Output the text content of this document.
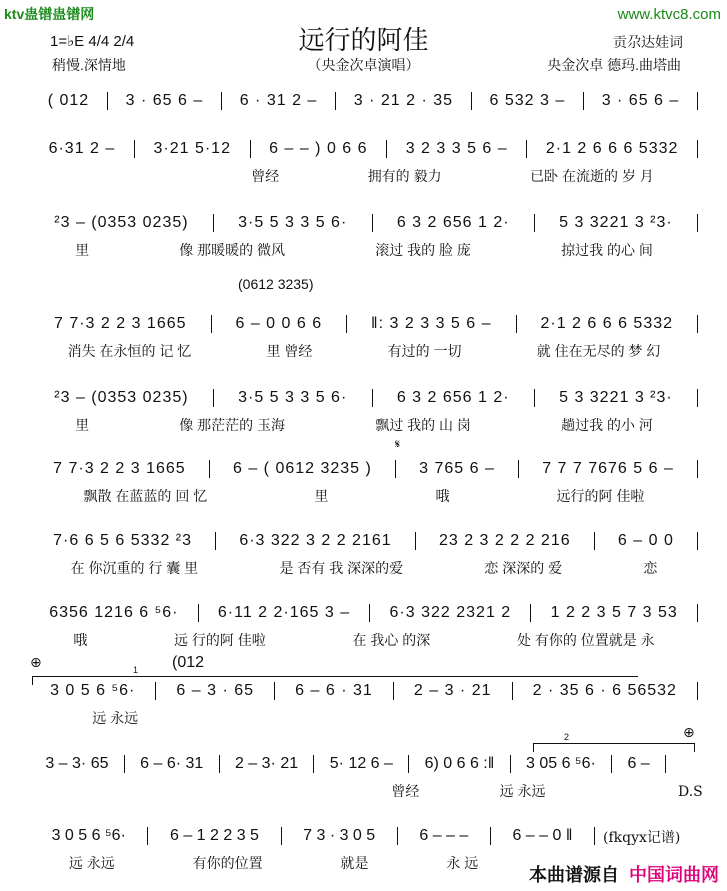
ktv蛊镨蛊镨网	www.ktvc8.com
远行的阿佳
1=♭E 4/4 2/4
稍慢.深情地	（央金次卓演唱）
贡尕达娃词
央金次卓 德玛.曲塔曲
( 012	3 · 65 6 –	6 · 31 2 –	3 · 21 2 · 35	6 532 3 –	3 · 65 6 –
6·31 2 –	3·21 5·12	6 – – ) 0 6 6	3 2 3 3 5 6 –	2·1 2 6 6 6 5332
曾经	拥有的 毅力	已卧 在流逝的 岁 月
²3 – (0353 0235)	3·5 5 3 3 5 6·	6 3 2 656 1 2·	5 3 3221 3 ²3·
里	像 那暖暖的 微风	滚过 我的 脸 庞	掠过我 的心 间
7 7·3 2 2 3 1665	6 – 0 0 6 6	‖: 3 2 3 3 5 6 –	2·1 2 6 6 6 5332
消失 在永恒的 记 忆	里 曾经	有过的 一切	就 住在无尽的 梦 幻
²3 – (0353 0235)	3·5 5 3 3 5 6·	6 3 2 656 1 2·	5 3 3221 3 ²3·
里	像 那茫茫的 玉海	飘过 我的 山 岗	趟过我 的小 河
7 7·3 2 2 3 1665	6 – ( 0612 3235 )	3 765 6 –	7 7 7 7676 5 6 –
飘散 在蓝蓝的 回 忆	里	哦	远行的阿 佳啦
7·6 6 5 6 5332 ²3	6·3 322 3 2 2 2161	23 2 3 2 2 2 216	6 – 0 0
在 你沉重的 行 囊 里	是 否有 我 深深的爱	恋 深深的 爱	恋
6356 1216 6 ⁵6·	6·11 2 2·165 3 –	6·3 322 2321 2	1 2 2 3 5 7 3 53
哦	远 行的阿 佳啦	在 我心 的深	处 有你的 位置就是 永
3 0 5 6 ⁵6·	6 – 3 · 65	6 – 6 · 31	2 – 3 · 21	2 · 35 6 · 6 56532
远 永远
3 – 3· 65	6 – 6· 31	2 – 3· 21	5· 12 6 –	6) 0 6 6 :‖	3 05 6 ⁵6·	6 –
曾经	远 永远
3 0 5 6 ⁵6·	6 – 1 2 2 3 5	7 3 · 3 0 5	6 – – –	6 – – 0 ‖
远 永远	有你的位置	就是	永 远
(0612 3235)
𝄋
⊕	(012
1
⊕
2
D.S
(fkqyx记谱)
本曲谱源自 中国词曲网
